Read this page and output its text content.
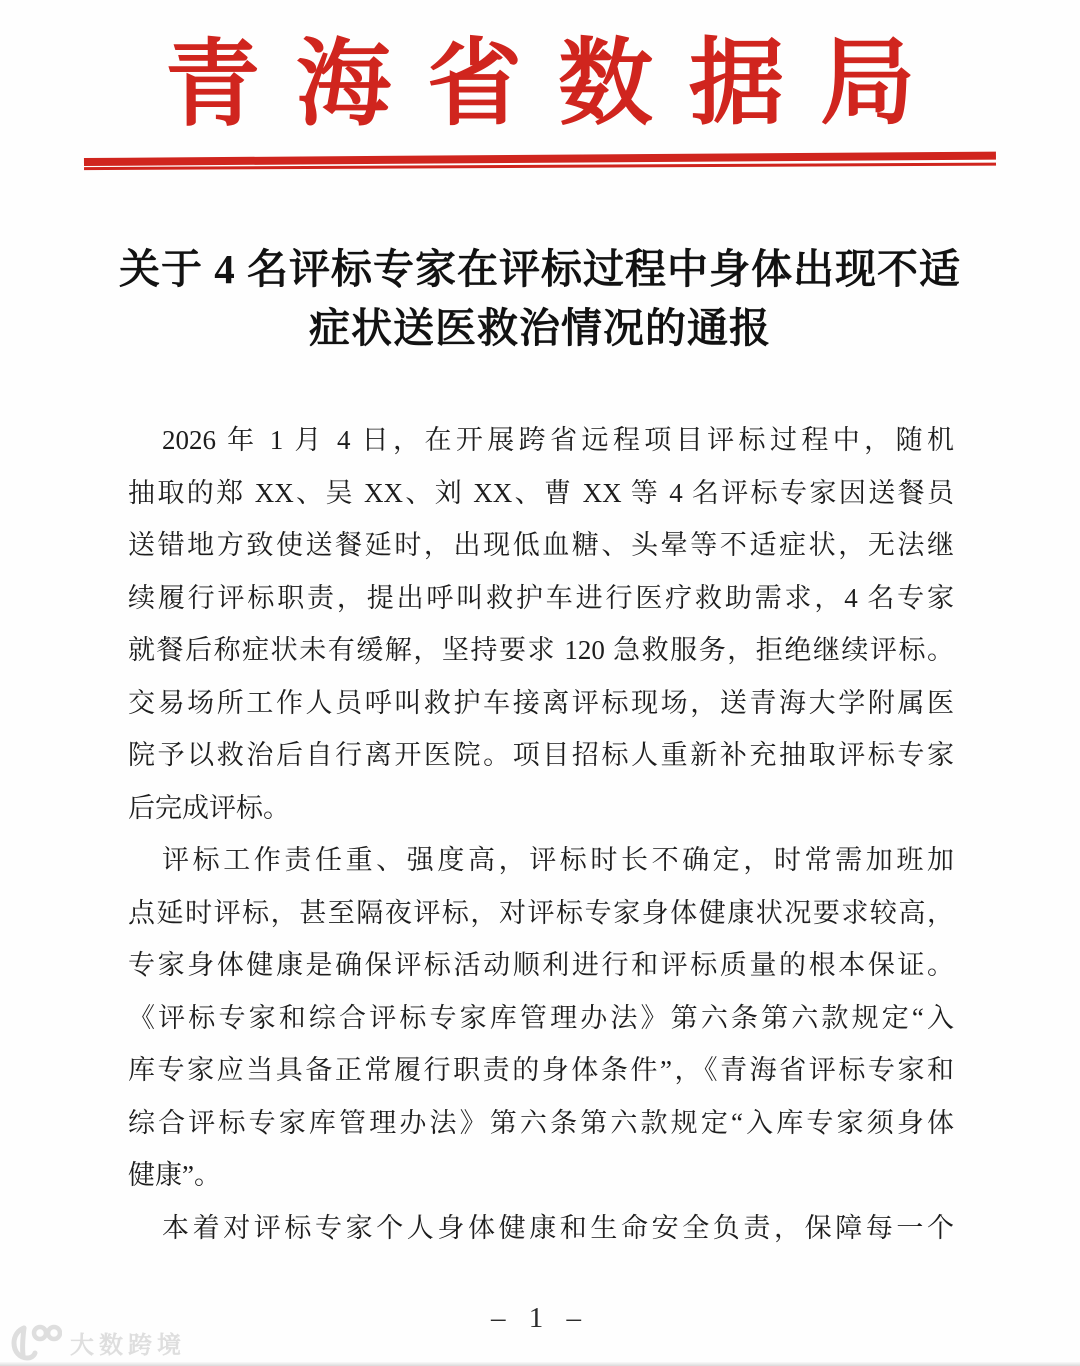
青海省数据局
关于 4 名评标专家在评标过程中身体出现不适
症状送医救治情况的通报
2026 年 1 月 4 日，在开展跨省远程项目评标过程中，随机
抽取的郑 XX、吴 XX、刘 XX、曹 XX 等 4 名评标专家因送餐员
送错地方致使送餐延时，出现低血糖、头晕等不适症状，无法继
续履行评标职责，提出呼叫救护车进行医疗救助需求，4 名专家
就餐后称症状未有缓解，坚持要求 120 急救服务，拒绝继续评标。
交易场所工作人员呼叫救护车接离评标现场，送青海大学附属医
院予以救治后自行离开医院。项目招标人重新补充抽取评标专家
后完成评标。
评标工作责任重、强度高，评标时长不确定，时常需加班加
点延时评标，甚至隔夜评标，对评标专家身体健康状况要求较高，
专家身体健康是确保评标活动顺利进行和评标质量的根本保证。
《评标专家和综合评标专家库管理办法》第六条第六款规定“入
库专家应当具备正常履行职责的身体条件”，《青海省评标专家和
综合评标专家库管理办法》第六条第六款规定“入库专家须身体
健康”。
本着对评标专家个人身体健康和生命安全负责，保障每一个
– 1 –
大数跨境
